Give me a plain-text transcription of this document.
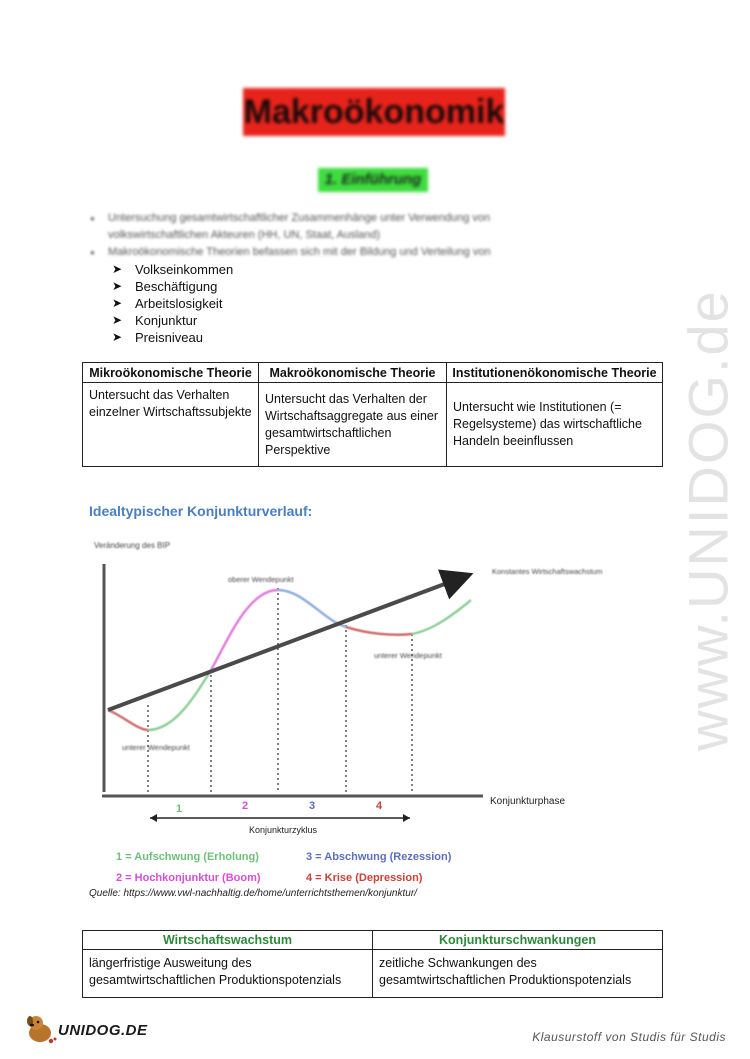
Makroökonomik
1. Einführung
● Untersuchung gesamtwirtschaftlicher Zusammenhänge unter Verwendung von volkswirtschaftlichen Akteuren (HH, UN, Staat, Ausland)
● Makroökonomische Theorien befassen sich mit der Bildung und Verteilung von
➤ Volkseinkommen
➤ Beschäftigung
➤ Arbeitslosigkeit
➤ Konjunktur
➤ Preisniveau
Mikroökonomische Theorie	Makroökonomische Theorie	Institutionenökonomische Theorie
Untersucht das Verhalten einzelner Wirtschaftssubjekte	Untersucht das Verhalten der Wirtschaftsaggregate aus einer gesamtwirtschaftlichen Perspektive	Untersucht wie Institutionen (= Regelsysteme) das wirtschaftliche Handeln beeinflussen
Idealtypischer Konjunkturverlauf:
Veränderung des BIP
Konstantes Wirtschaftswachstum
oberer Wendepunkt
unterer Wendepunkt
unterer Wendepunkt
Konjunkturphase
1	2	3	4
Konjunkturzyklus
1 = Aufschwung (Erholung)
2 = Hochkonjunktur (Boom)
3 = Abschwung (Rezession)
4 = Krise (Depression)
Quelle: https://www.vwl-nachhaltig.de/home/unterrichtsthemen/konjunktur/
Wirtschaftswachstum	Konjunkturschwankungen
längerfristige Ausweitung des gesamtwirtschaftlichen Produktionspotenzials	zeitliche Schwankungen des gesamtwirtschaftlichen Produktionspotenzials
www.UNIDOG.de
UNIDOG.DE	Klausurstoff von Studis für Studis
